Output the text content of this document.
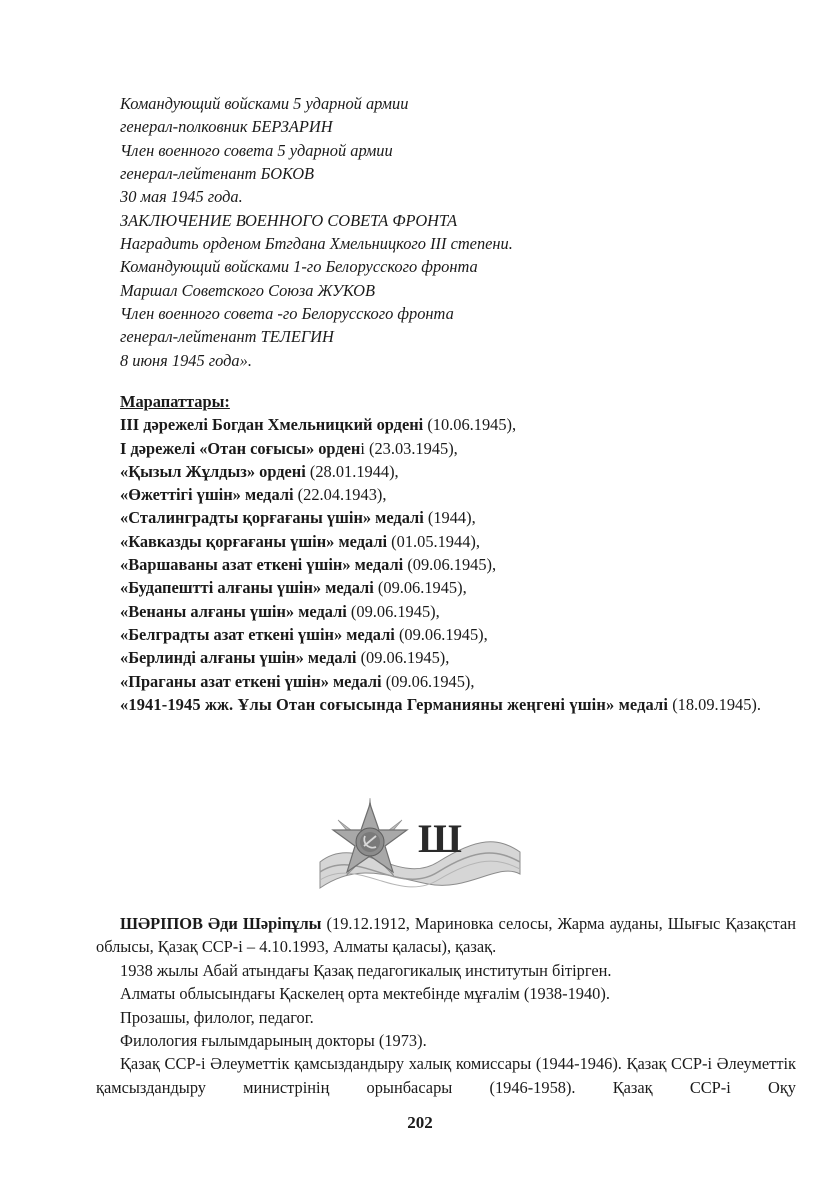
Командующий войсками 5 ударной армии
генерал-полковник БЕРЗАРИН
Член военного совета 5 ударной армии
генерал-лейтенант БОКОВ
30 мая 1945 года.
ЗАКЛЮЧЕНИЕ ВОЕННОГО СОВЕТА ФРОНТА
Наградить орденом Бтгдана Хмельницкого III степени.
Командующий войсками 1-го Белорусского фронта
Маршал Советского Союза ЖУКОВ
Член военного совета -го Белорусского фронта
генерал-лейтенант ТЕЛЕГИН
8 июня 1945 года».
Марапаттары:
III дәрежелі Богдан Хмельницкий ордені (10.06.1945),
I дәрежелі «Отан соғысы» ордені (23.03.1945),
«Қызыл Жұлдыз» ордені (28.01.1944),
«Өжеттігі үшін» медалі (22.04.1943),
«Сталинградты қорғағаны үшін» медалі (1944),
«Кавказды қорғағаны үшін» медалі (01.05.1944),
«Варшаваны азат еткені үшін» медалі (09.06.1945),
«Будапештті алғаны үшін» медалі (09.06.1945),
«Венаны алғаны үшін» медалі (09.06.1945),
«Белградты азат еткені үшін» медалі (09.06.1945),
«Берлинді алғаны үшін» медалі (09.06.1945),
«Праганы азат еткені үшін» медалі (09.06.1945),
«1941-1945 жж. Ұлы Отан соғысында Германияны жеңгені үшін» медалі (18.09.1945).
Ш

ШӘРІПОВ Әди Шәріпұлы (19.12.1912, Мариновка селосы, Жарма ауданы, Шығыс Қазақстан облысы, Қазақ ССР-і – 4.10.1993, Алматы қаласы), қазақ.

1938 жылы Абай атындағы Қазақ педагогикалық институтын бітірген.

Алматы облысындағы Қаскелең орта мектебінде мұғалім (1938-1940).

Прозашы, филолог, педагог.

Филология ғылымдарының докторы (1973).

Қазақ ССР-і Әлеуметтік қамсыздандыру халық комиссары (1944-1946). Қазақ ССР-і Әлеуметтік қамсыздандыру министрінің орынбасары (1946-1958). Қазақ ССР-і Оқу

202
